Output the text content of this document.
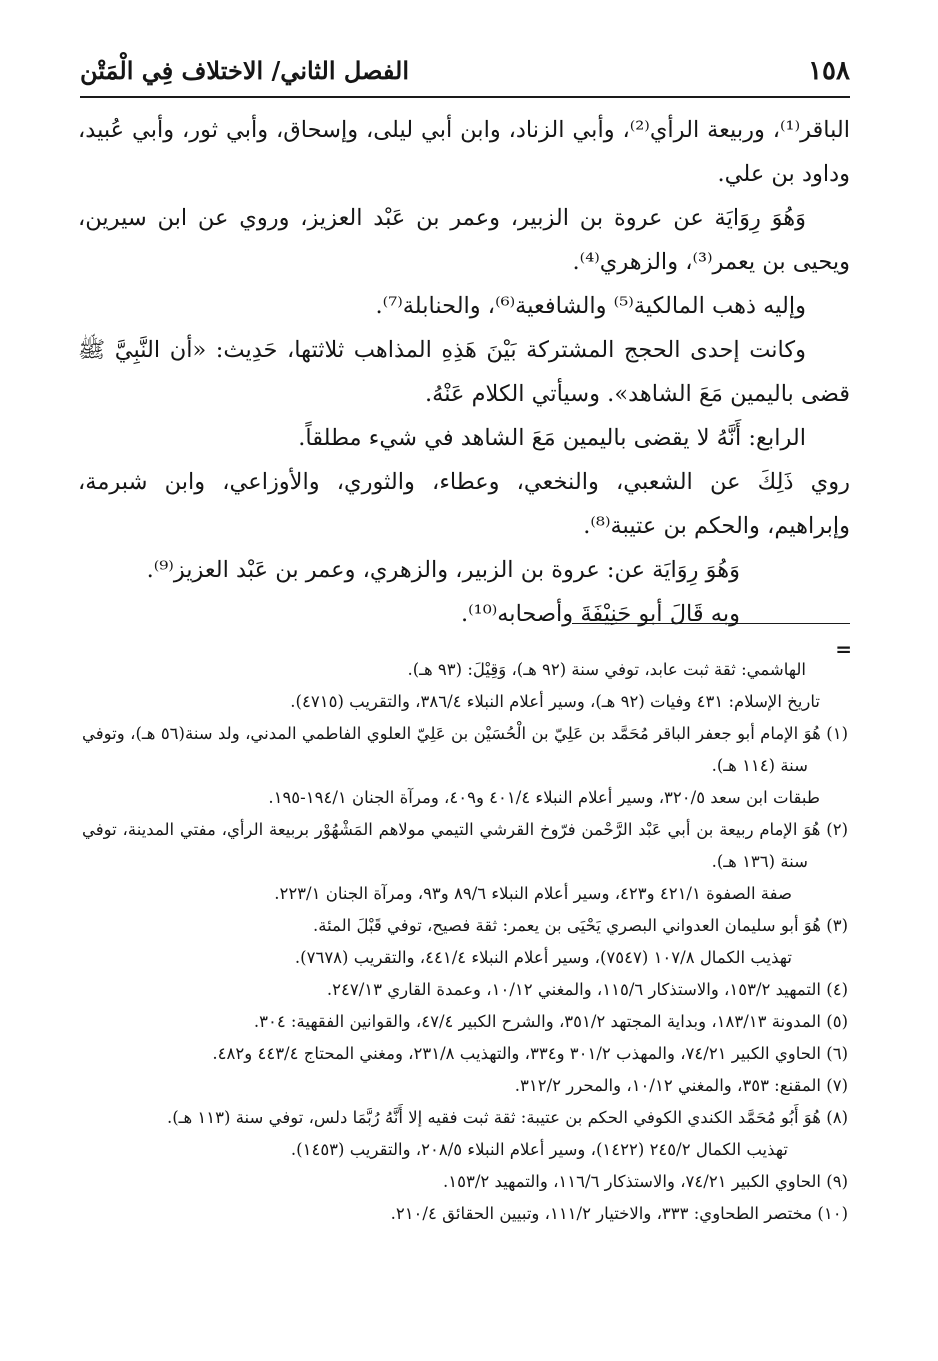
١٥٨
الفصل الثاني/ الاختلاف فِي الْمَتْن

الباقر⁽¹⁾، وربيعة الرأي⁽²⁾، وأبي الزناد، وابن أبي ليلى، وإسحاق، وأبي ثور، وأبي عُبيد، وداود بن علي.

وَهُوَ رِوَايَة عن عروة بن الزبير، وعمر بن عَبْد العزيز، وروي عن ابن سيرين، ويحيى بن يعمر⁽³⁾، والزهري⁽⁴⁾.

وإليه ذهب المالكية⁽⁵⁾ والشافعية⁽⁶⁾، والحنابلة⁽⁷⁾.

وكانت إحدى الحجج المشتركة بَيْنَ هَذِهِ المذاهب ثلاثتها، حَدِيث: «أن النَّبِيَّ ﷺ قضى باليمين مَعَ الشاهد». وسيأتي الكلام عَنْهُ.

الرابع: أَنَّهُ لا يقضى باليمين مَعَ الشاهد في شيء مطلقاً.

روي ذَلِكَ عن الشعبي، والنخعي، وعطاء، والثوري، والأوزاعي، وابن شبرمة، وإبراهيم، والحكم بن عتيبة⁽⁸⁾.

وَهُوَ رِوَايَة عن: عروة بن الزبير، والزهري، وعمر بن عَبْد العزيز⁽⁹⁾.

وبه قَالَ أبو حَنِيْفَةَ وأصحابه⁽¹⁰⁾.

=

الهاشمي: ثقة ثبت عابد، توفي سنة (٩٢ هـ)، وَقِيْلَ: (٩٣ هـ).

تاريخ الإسلام: ٤٣١ وفيات (٩٢ هـ)، وسير أعلام النبلاء ٣٨٦/٤، والتقريب (٤٧١٥).

(١) هُوَ الإمام أبو جعفر الباقر مُحَمَّد بن عَلِيّ بن الْحُسَيْن بن عَلِيّ العلوي الفاطمي المدني، ولد سنة(٥٦ هـ)، وتوفي سنة (١١٤ هـ).

طبقات ابن سعد ٣٢٠/٥، وسير أعلام النبلاء ٤٠١/٤ و٤٠٩، ومرآة الجنان ١٩٤/١-١٩٥.

(٢) هُوَ الإمام ربيعة بن أبي عَبْد الرَّحْمن فرّوخ القرشي التيمي مولاهم المَشْهُوْر بربيعة الرأي، مفتي المدينة، توفي سنة (١٣٦ هـ).

صفة الصفوة ٤٢١/١ و٤٢٣، وسير أعلام النبلاء ٨٩/٦ و٩٣، ومرآة الجنان ٢٢٣/١.

(٣) هُوَ أبو سليمان العدواني البصري يَحْيَى بن يعمر: ثقة فصيح، توفي قَبْلَ المئة.

تهذيب الكمال ١٠٧/٨ (٧٥٤٧)، وسير أعلام النبلاء ٤٤١/٤، والتقريب (٧٦٧٨).

(٤) التمهيد ١٥٣/٢، والاستذكار ١١٥/٦، والمغني ١٠/١٢، وعمدة القاري ٢٤٧/١٣.

(٥) المدونة ١٨٣/١٣، وبداية المجتهد ٣٥١/٢، والشرح الكبير ٤٧/٤، والقوانين الفقهية: ٣٠٤.

(٦) الحاوي الكبير ٧٤/٢١، والمهذب ٣٠١/٢ و٣٣٤، والتهذيب ٢٣١/٨، ومغني المحتاج ٤٤٣/٤ و٤٨٢.

(٧) المقنع: ٣٥٣، والمغني ١٠/١٢، والمحرر ٣١٢/٢.

(٨) هُوَ أَبُو مُحَمَّد الكندي الكوفي الحكم بن عتيبة: ثقة ثبت فقيه إلا أَنَّهُ رُبَّمَا دلس، توفي سنة (١١٣ هـ).

تهذيب الكمال ٢٤٥/٢ (١٤٢٢)، وسير أعلام النبلاء ٢٠٨/٥، والتقريب (١٤٥٣).

(٩) الحاوي الكبير ٧٤/٢١، والاستذكار ١١٦/٦، والتمهيد ١٥٣/٢.

(١٠) مختصر الطحاوي: ٣٣٣، والاختيار ١١١/٢، وتبيين الحقائق ٢١٠/٤.
